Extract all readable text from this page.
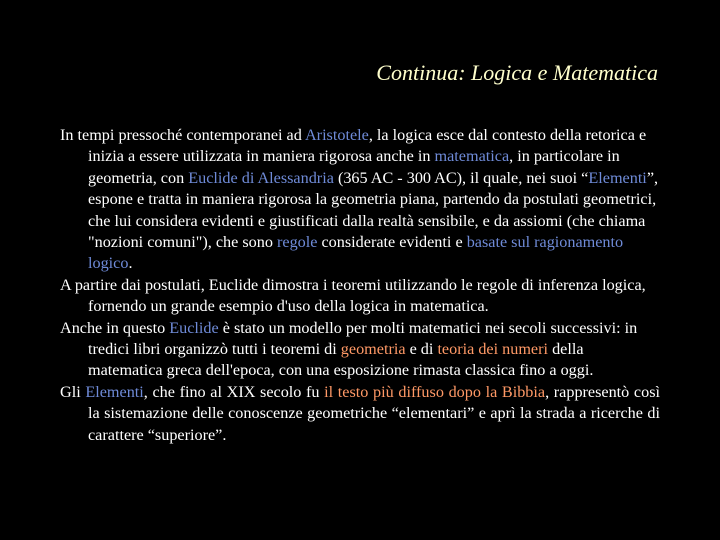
Continua: Logica e Matematica

In tempi pressoché contemporanei ad Aristotele, la logica esce dal contesto della retorica e inizia a essere utilizzata in maniera rigorosa anche in matematica, in particolare in geometria, con Euclide di Alessandria (365 AC - 300 AC), il quale, nei suoi “Elementi”, espone e tratta in maniera rigorosa la geometria piana, partendo da postulati geometrici, che lui considera evidenti e giustificati dalla realtà sensibile, e da assiomi (che chiama "nozioni comuni"), che sono regole considerate evidenti e basate sul ragionamento logico.

A partire dai postulati, Euclide dimostra i teoremi utilizzando le regole di inferenza logica, fornendo un grande esempio d'uso della logica in matematica.

Anche in questo Euclide è stato un modello per molti matematici nei secoli successivi: in tredici libri organizzò tutti i teoremi di geometria e di teoria dei numeri della matematica greca dell'epoca, con una esposizione rimasta classica fino a oggi.

Gli Elementi, che fino al XIX secolo fu il testo più diffuso dopo la Bibbia, rappresentò così la sistemazione delle conoscenze geometriche “elementari” e aprì la strada a ricerche di carattere “superiore”.
